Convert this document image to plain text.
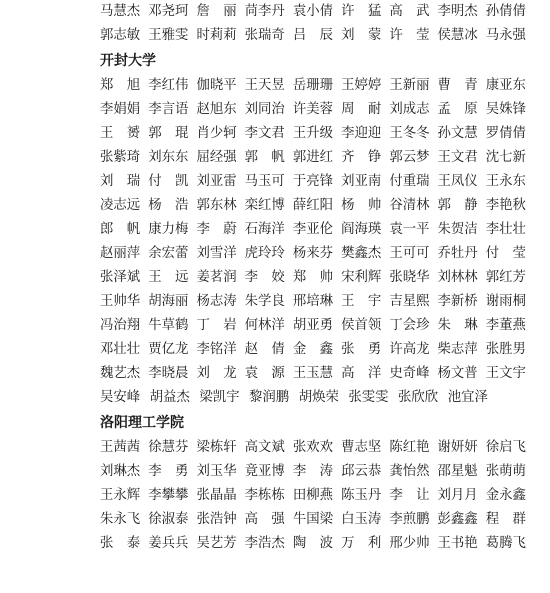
马慧杰 邓尧珂 詹　丽 苘李丹 袁小倩 许　猛 高　武 李明杰 孙倩倩
郭志敏 王雅雯 时莉莉 张瑞奇 吕　辰 刘　蒙 许　莹 侯慧冰 马永强
开封大学
郑　旭 李红伟 伽晓平 王天昱 岳珊珊 王婷婷 王新丽 曹　青 康亚东
李娟娟 李言语 赵旭东 刘同治 许美蓉 周　耐 刘成志 孟　原 吴姝锋
王　赟 郭　琨 肖少轲 李文君 王升级 李迎迎 王冬冬 孙文慧 罗倩倩
张紫琦 刘东东 屈经强 郭　帆 郭进红 齐　铮 郭云梦 王文君 沈七新
刘　瑞 付　凯 刘亚雷 马玉可 于亮锋 刘亚南 付重瑞 王凤仪 王永东
凌志远 杨　浩 郭东林 栾红博 薛红阳 杨　帅 谷清林 郭　静 李艳秋
郎　帆 康力梅 李　蔚 石海洋 李亚伦 阎海瑛 袁一平 朱贺洁 李壮壮
赵丽萍 余宏蕾 刘雪洋 虎玲玲 杨来芬 樊鑫杰 王可可 乔牡丹 付　莹
张泽斌 王　远 姜茗润 李　姣 郑　帅 宋利辉 张晓华 刘林林 郭红芳
王帅华 胡海丽 杨志涛 朱学良 邢培琳 王　宇 吉星熙 李新桥 谢雨桐
冯治翔 牛草鹤 丁　岩 何林洋 胡亚勇 侯首领 丁会珍 朱　琳 李董燕
邓壮壮 贾亿龙 李铭洋 赵　倩 金　鑫 张　勇 许高龙 柴志萍 张胜男
魏艺杰 李晓晨 刘　龙 袁　源 王玉慧 高　洋 史奇峰 杨文普 王文宇
吴安峰 胡益杰 梁凯宇 黎润鹏 胡焕荣 张雯雯 张欣欣 池宜泽
洛阳理工学院
王茜茜 徐慧芬 梁栋轩 高文斌 张欢欢 曹志坚 陈红艳 谢妍妍 徐启飞
刘琳杰 李　勇 刘玉华 竟亚博 李　涛 邱云恭 龚怡然 邵星魁 张萌萌
王永辉 李攀攀 张晶晶 李栋栋 田柳燕 陈玉丹 李　让 刘月月 金永鑫
朱永飞 徐淑泰 张浩钟 高　强 牛国梁 白玉涛 李煎鹏 彭鑫鑫 程　群
张　泰 姜兵兵 吴艺芳 李浩杰 陶　波 万　利 邢少帅 王书艳 葛腾飞
